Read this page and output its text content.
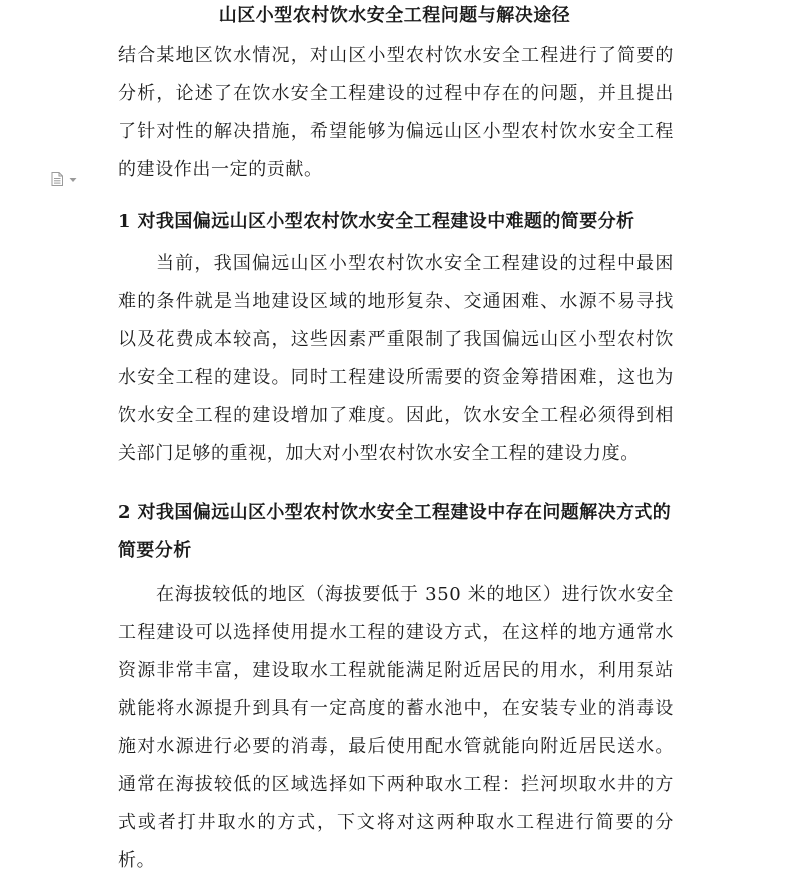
山区小型农村饮水安全工程问题与解决途径

结合某地区饮水情况，对山区小型农村饮水安全工程进行了简要的分析，论述了在饮水安全工程建设的过程中存在的问题，并且提出了针对性的解决措施，希望能够为偏远山区小型农村饮水安全工程的建设作出一定的贡献。

1 对我国偏远山区小型农村饮水安全工程建设中难题的简要分析

当前，我国偏远山区小型农村饮水安全工程建设的过程中最困难的条件就是当地建设区域的地形复杂、交通困难、水源不易寻找以及花费成本较高，这些因素严重限制了我国偏远山区小型农村饮水安全工程的建设。同时工程建设所需要的资金筹措困难，这也为饮水安全工程的建设增加了难度。因此，饮水安全工程必须得到相关部门足够的重视，加大对小型农村饮水安全工程的建设力度。

2 对我国偏远山区小型农村饮水安全工程建设中存在问题解决方式的简要分析

在海拔较低的地区（海拔要低于 350 米的地区）进行饮水安全工程建设可以选择使用提水工程的建设方式，在这样的地方通常水资源非常丰富，建设取水工程就能满足附近居民的用水，利用泵站就能将水源提升到具有一定高度的蓄水池中，在安装专业的消毒设施对水源进行必要的消毒，最后使用配水管就能向附近居民送水。通常在海拔较低的区域选择如下两种取水工程：拦河坝取水井的方式或者打井取水的方式，下文将对这两种取水工程进行简要的分析。
